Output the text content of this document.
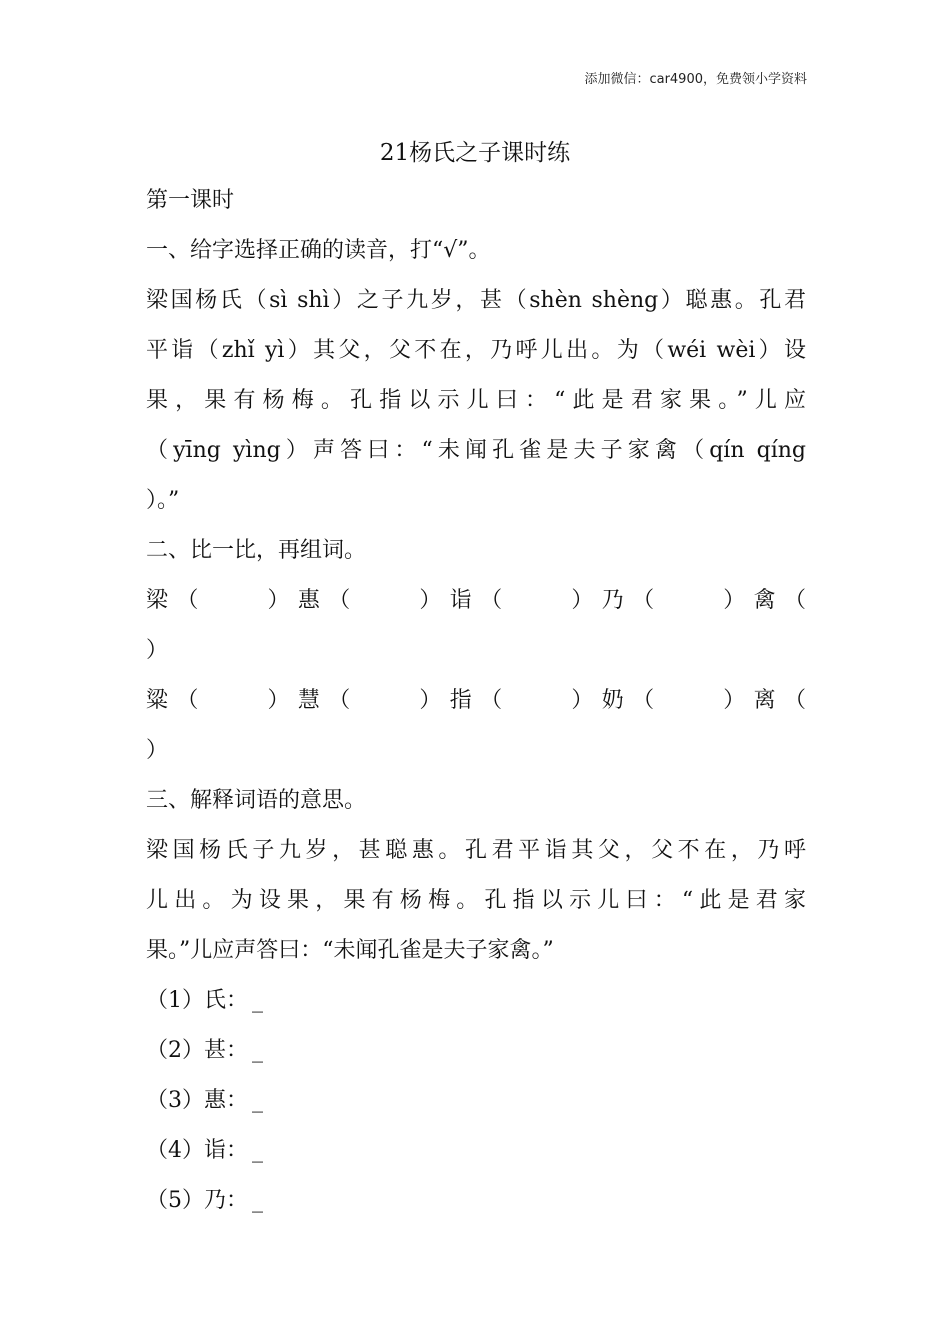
添加微信：car4900，免费领小学资料
21杨氏之子课时练
第一课时
一、给字选择正确的读音，打“√”。
梁国杨氏（sì shì）之子九岁，甚（shèn shèng）聪惠。孔君
平诣（zhǐ yì）其父，父不在，乃呼儿出。为（wéi wèi）设
果，果有杨梅。孔指以示儿曰：“此是君家果。”儿应
（yīng yìng）声答曰：“未闻孔雀是夫子家禽（qín qíng
）。”
二、比一比，再组词。
梁（　　）惠（　　）诣（　　）乃（　　）禽（
）
粱（　　）慧（　　）指（　　）奶（　　）离（
）
三、解释词语的意思。
梁国杨氏子九岁，甚聪惠。孔君平诣其父，父不在，乃呼
儿出。为设果，果有杨梅。孔指以示儿曰：“此是君家
果。”儿应声答曰：“未闻孔雀是夫子家禽。”
（1）氏： _
（2）甚： _
（3）惠： _
（4）诣： _
（5）乃： _
